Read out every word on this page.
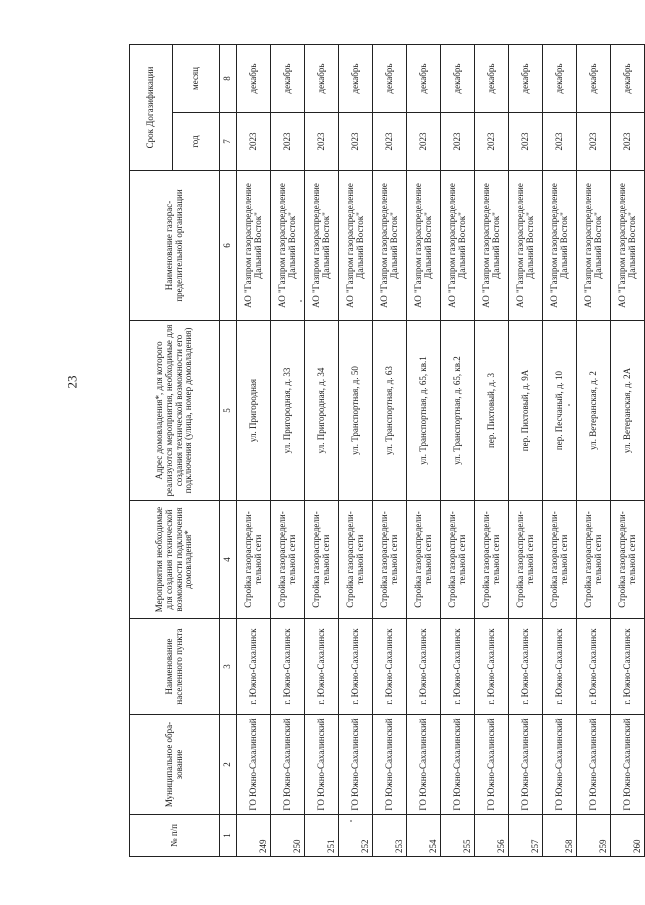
23
№ п/п	Муниципальное образование	Наименование населенного пункта	Мероприятия необходимые для создания технической возможности подключения домовладения*	Адрес домовладения*, для которого реализуются мероприятия, необходимые для создания технической возможности его подключения (улица, номер домовладения)	Наименование газораспределительной организации	Срок Догазификации	
						год	месяц
1	2	3	4	5	6	7	8
249	ГО Южно-Сахалинский	г. Южно-Сахалинск	Стройка газораспределительной сети	ул. Пригородная	АО "Газпром газораспределение Дальний Восток"	2023	декабрь
250	ГО Южно-Сахалинский	г. Южно-Сахалинск	Стройка газораспределительной сети	ул. Пригородная, д. 33	АО "Газпром газораспределение Дальний Восток"	2023	декабрь
251	ГО Южно-Сахалинский	г. Южно-Сахалинск	Стройка газораспределительной сети	ул. Пригородная, д. 34	АО "Газпром газораспределение Дальний Восток"	2023	декабрь
252	ГО Южно-Сахалинский	г. Южно-Сахалинск	Стройка газораспределительной сети	ул. Транспортная, д. 50	АО "Газпром газораспределение Дальний Восток"	2023	декабрь
253	ГО Южно-Сахалинский	г. Южно-Сахалинск	Стройка газораспределительной сети	ул. Транспортная, д. 63	АО "Газпром газораспределение Дальний Восток"	2023	декабрь
254	ГО Южно-Сахалинский	г. Южно-Сахалинск	Стройка газораспределительной сети	ул. Транспортная, д. 65, кв.1	АО "Газпром газораспределение Дальний Восток"	2023	декабрь
255	ГО Южно-Сахалинский	г. Южно-Сахалинск	Стройка газораспределительной сети	ул. Транспортная, д. 65, кв.2	АО "Газпром газораспределение Дальний Восток"	2023	декабрь
256	ГО Южно-Сахалинский	г. Южно-Сахалинск	Стройка газораспределительной сети	пер. Пихтовый, д. 3	АО "Газпром газораспределение Дальний Восток"	2023	декабрь
257	ГО Южно-Сахалинский	г. Южно-Сахалинск	Стройка газораспределительной сети	пер. Пихтовый, д. 9А	АО "Газпром газораспределение Дальний Восток"	2023	декабрь
258	ГО Южно-Сахалинский	г. Южно-Сахалинск	Стройка газораспределительной сети	пер. Песчаный, д. 10	АО "Газпром газораспределение Дальний Восток"	2023	декабрь
259	ГО Южно-Сахалинский	г. Южно-Сахалинск	Стройка газораспределительной сети	ул. Ветеранская, д. 2	АО "Газпром газораспределение Дальний Восток"	2023	декабрь
260	ГО Южно-Сахалинский	г. Южно-Сахалинск	Стройка газораспределительной сети	ул. Ветеранская, д. 2А	АО "Газпром газораспределение Дальний Восток"	2023	декабрь
